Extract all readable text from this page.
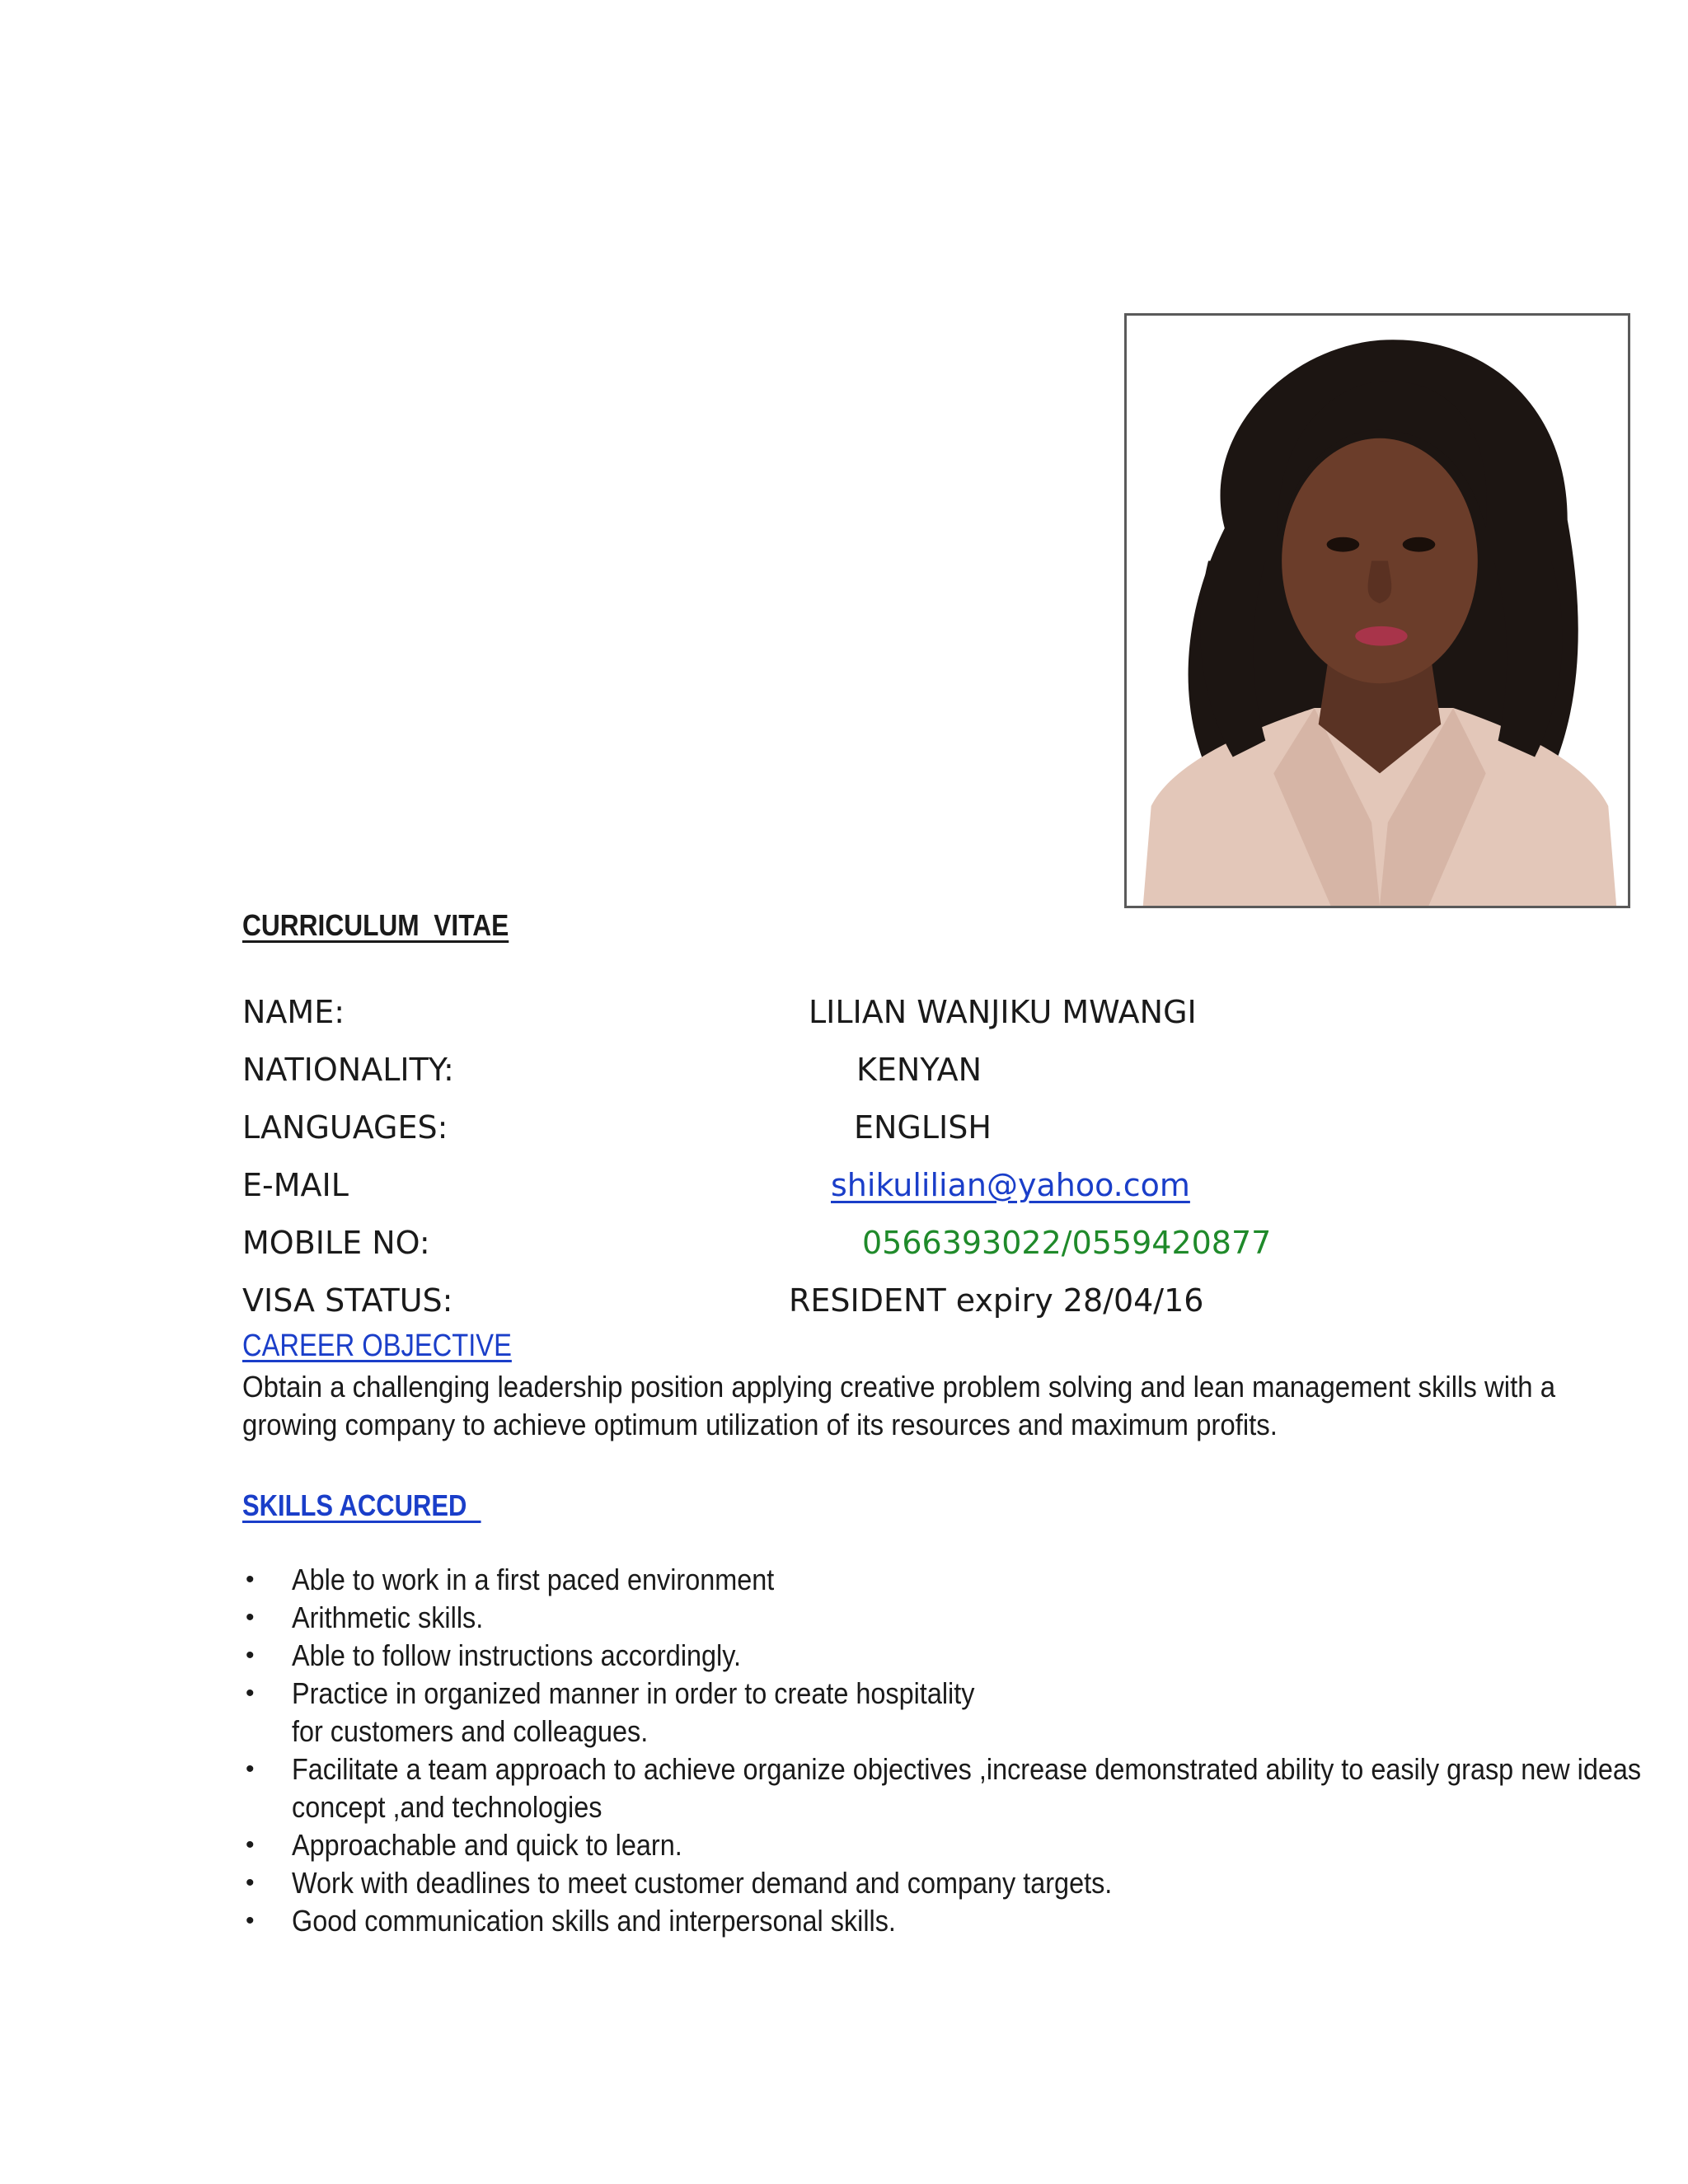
CURRICULUM  VITAE
NAME:	LILIAN WANJIKU MWANGI
NATIONALITY:	KENYAN
LANGUAGES:	ENGLISH
E-MAIL	shikulilian@yahoo.com
MOBILE NO:	0566393022/0559420877
VISA STATUS:	RESIDENT expiry 28/04/16
CAREER OBJECTIVE
Obtain a challenging leadership position applying creative problem solving and lean management skills with a growing company to achieve optimum utilization of its resources and maximum profits.
SKILLS ACCURED
• Able to work in a first paced environment
• Arithmetic skills.
• Able to follow instructions accordingly.
• Practice in organized manner in order to create hospitality
for customers and colleagues.
• Facilitate a team approach to achieve organize objectives ,increase demonstrated ability to easily grasp new ideas concept ,and technologies
• Approachable and quick to learn.
• Work with deadlines to meet customer demand and company targets.
• Good communication skills and interpersonal skills.
